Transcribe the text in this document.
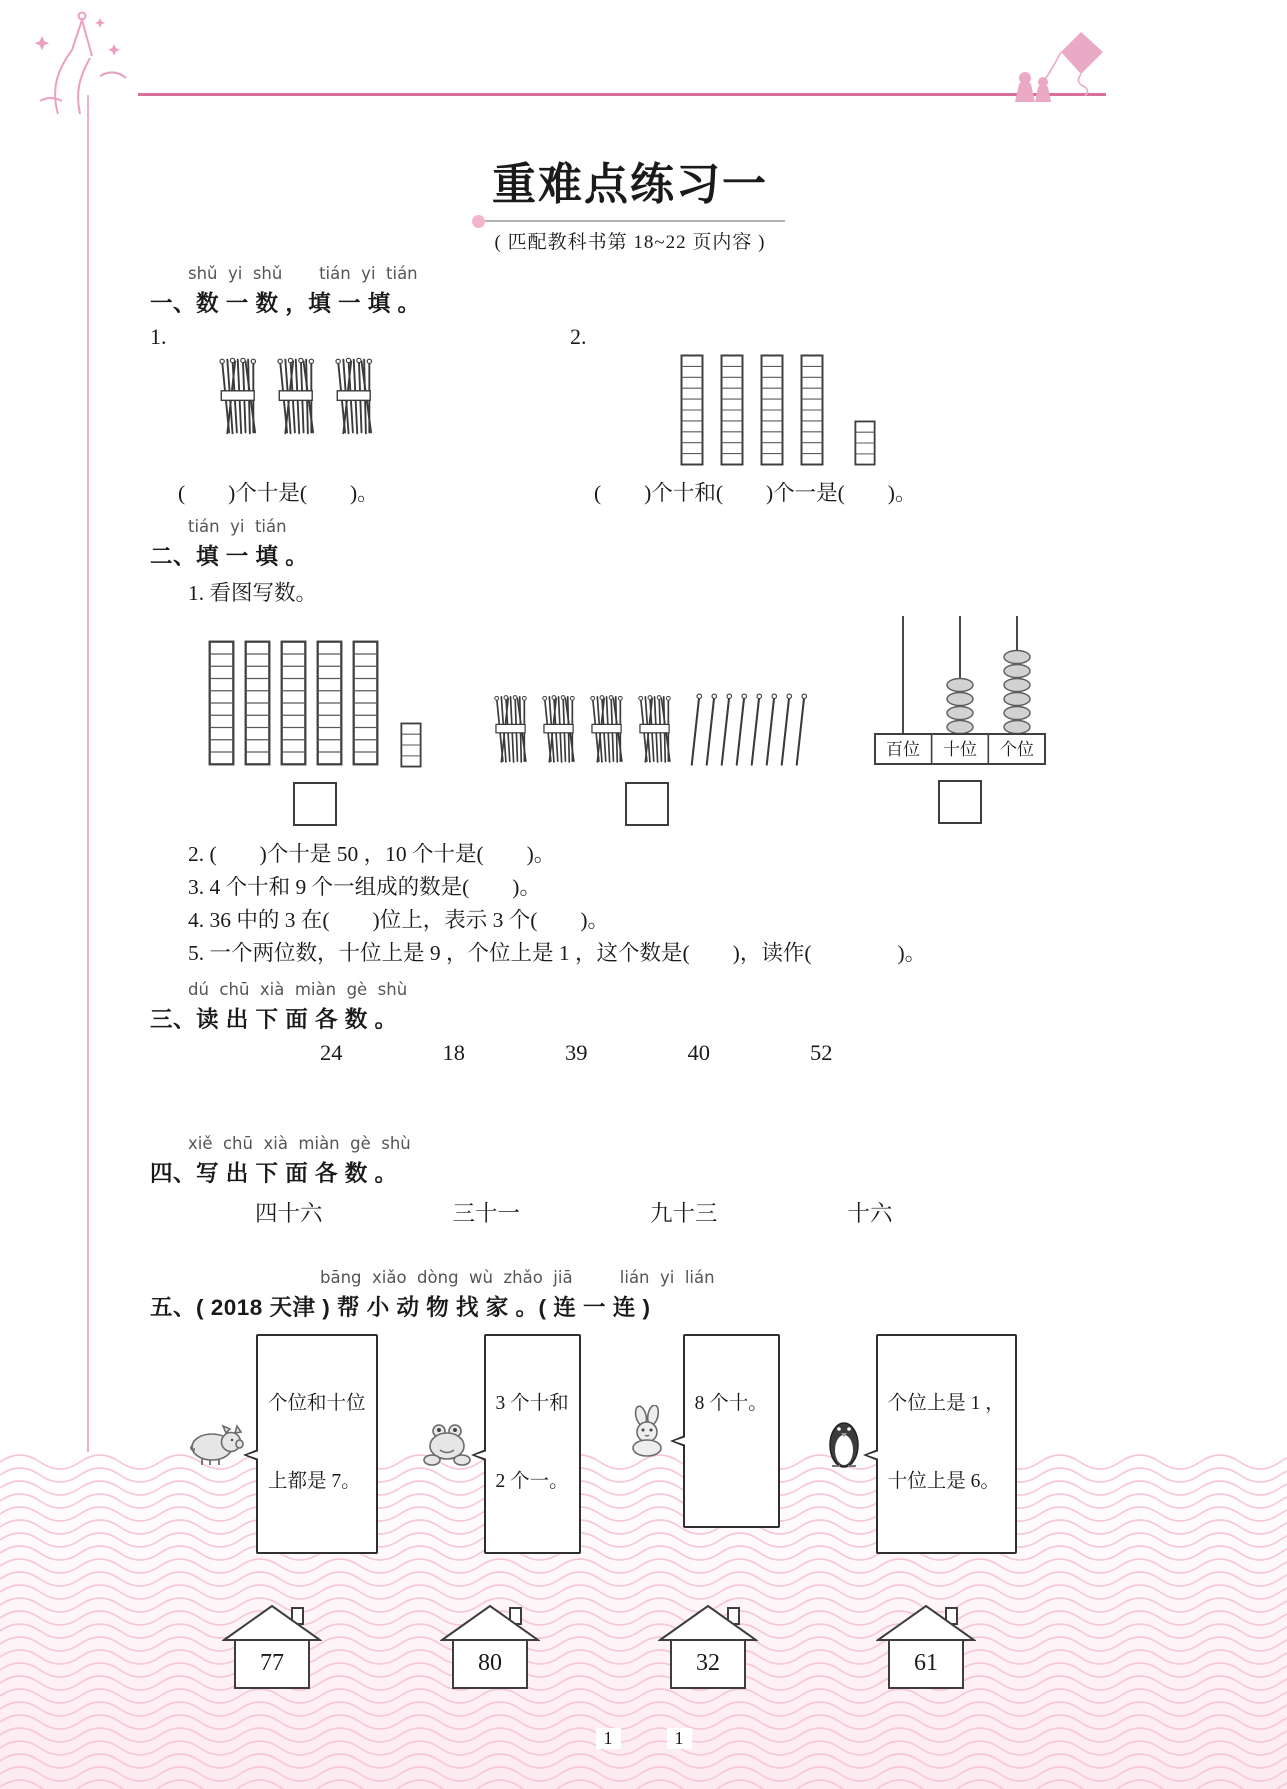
重难点练习一
( 匹配教科书第 18~22 页内容 )
shǔ  yi  shǔ       tián  yi  tián
一、数 一 数 ，填 一 填 。
1.
(　　)个十是(　　)。
2.
(　　)个十和(　　)个一是(　　)。
tián  yi  tián
二、填 一 填 。
1. 看图写数。
百位 十位 个位
2. (　　)个十是 50 ，10 个十是(　　)。
3. 4 个十和 9 个一组成的数是(　　)。
4. 36 中的 3 在(　　)位上，表示 3 个(　　)。
5. 一个两位数，十位上是 9 ，个位上是 1 ，这个数是(　　)，读作(　　　　)。
dú  chū  xià  miàn  gè  shù
三、读 出 下 面 各 数 。
24	18	39	40	52
xiě  chū  xià  miàn  gè  shù
四、写 出 下 面 各 数 。
四十六	三十一	九十三	十六
bāng  xiǎo  dòng  wù  zhǎo  jiā         lián  yi  lián
五、( 2018 天津 ) 帮 小 动 物 找 家 。( 连 一 连 )

个位和十位

上都是 7。

3 个十和

2 个一。

8 个十。

	个位上是 1 ，

十位上是 6。

77	80	32	61
1	1
